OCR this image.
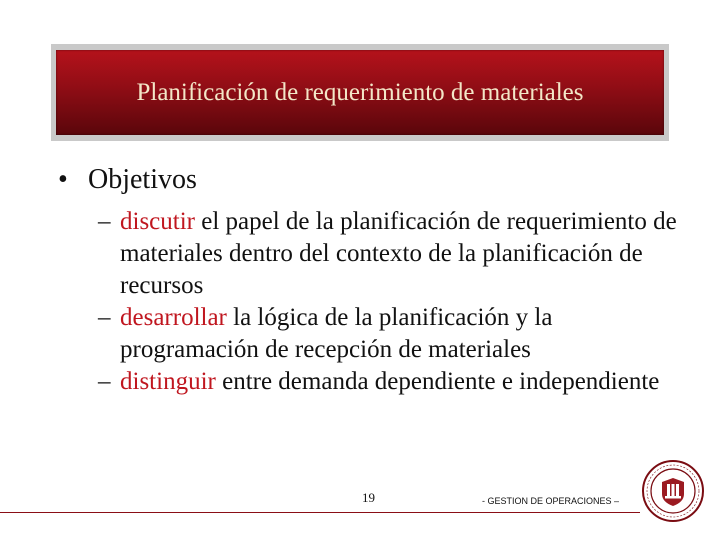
Planificación de requerimiento de materiales
• Objetivos
– discutir el papel de la planificación de requerimiento de materiales dentro del contexto de la planificación de recursos
– desarrollar la lógica de la planificación y la programación de recepción de materiales
– distinguir entre demanda dependiente e independiente
19	- GESTION DE OPERACIONES –
